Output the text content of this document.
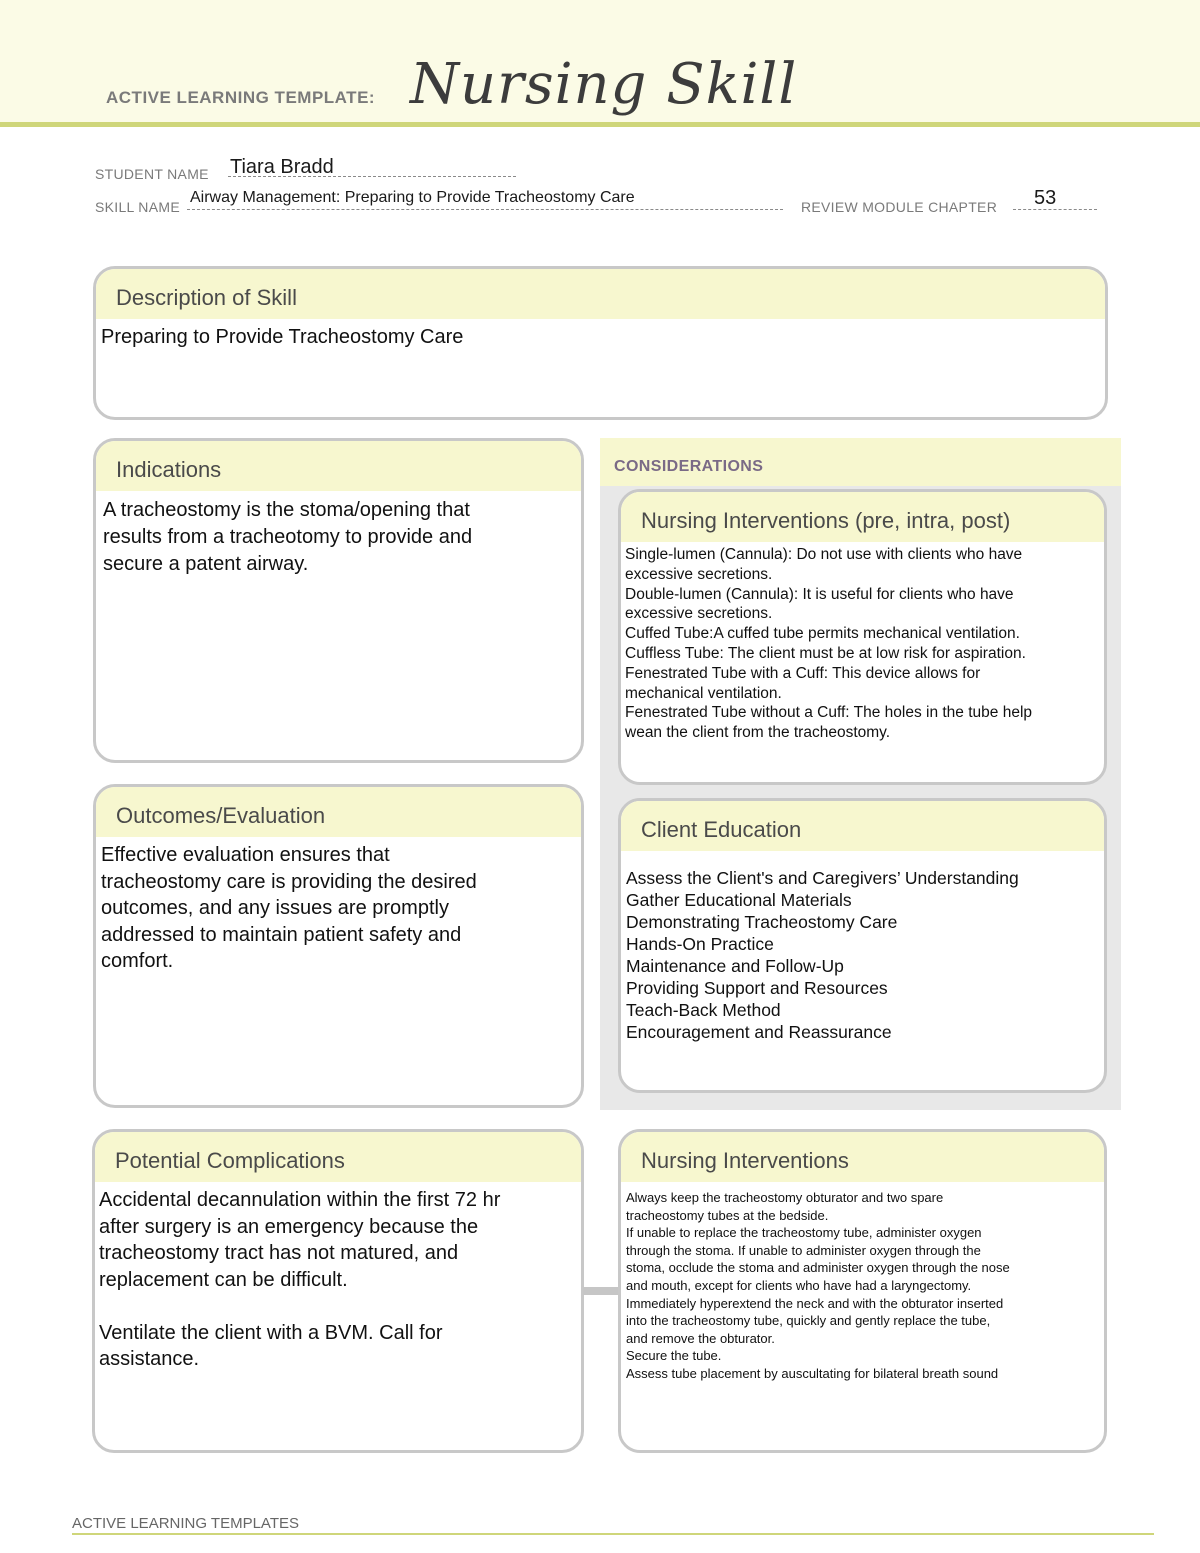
ACTIVE LEARNING TEMPLATE: Nursing Skill
STUDENT NAME Tiara Bradd
SKILL NAME
Airway Management: Preparing to Provide Tracheostomy Care
REVIEW MODULE CHAPTER 53
Description of Skill
Preparing to Provide Tracheostomy Care
Indications
A tracheostomy is the stoma/opening that
results from a tracheotomy to provide and
secure a patent airway.
CONSIDERATIONS
Nursing Interventions (pre, intra, post)
Single-lumen (Cannula): Do not use with clients who have
excessive secretions.
Double-lumen (Cannula): It is useful for clients who have
excessive secretions.
Cuffed Tube:A cuffed tube permits mechanical ventilation.
Cuffless Tube: The client must be at low risk for aspiration.
Fenestrated Tube with a Cuff: This device allows for
mechanical ventilation.
Fenestrated Tube without a Cuff: The holes in the tube help
wean the client from the tracheostomy.
Client Education
Assess the Client's and Caregivers’ Understanding
Gather Educational Materials
Demonstrating Tracheostomy Care
Hands-On Practice
Maintenance and Follow-Up
Providing Support and Resources
Teach-Back Method
Encouragement and Reassurance
Outcomes/Evaluation
Effective evaluation ensures that
tracheostomy care is providing the desired
outcomes, and any issues are promptly
addressed to maintain patient safety and
comfort.
Potential Complications
Accidental decannulation within the first 72 hr
after surgery is an emergency because the
tracheostomy tract has not matured, and
replacement can be difficult.

Ventilate the client with a BVM. Call for
assistance.
Nursing Interventions
Always keep the tracheostomy obturator and two spare
tracheostomy tubes at the bedside.
If unable to replace the tracheostomy tube, administer oxygen
through the stoma. If unable to administer oxygen through the
stoma, occlude the stoma and administer oxygen through the nose
and mouth, except for clients who have had a laryngectomy.
Immediately hyperextend the neck and with the obturator inserted
into the tracheostomy tube, quickly and gently replace the tube,
and remove the obturator.
Secure the tube.
Assess tube placement by auscultating for bilateral breath sound
ACTIVE LEARNING TEMPLATES
